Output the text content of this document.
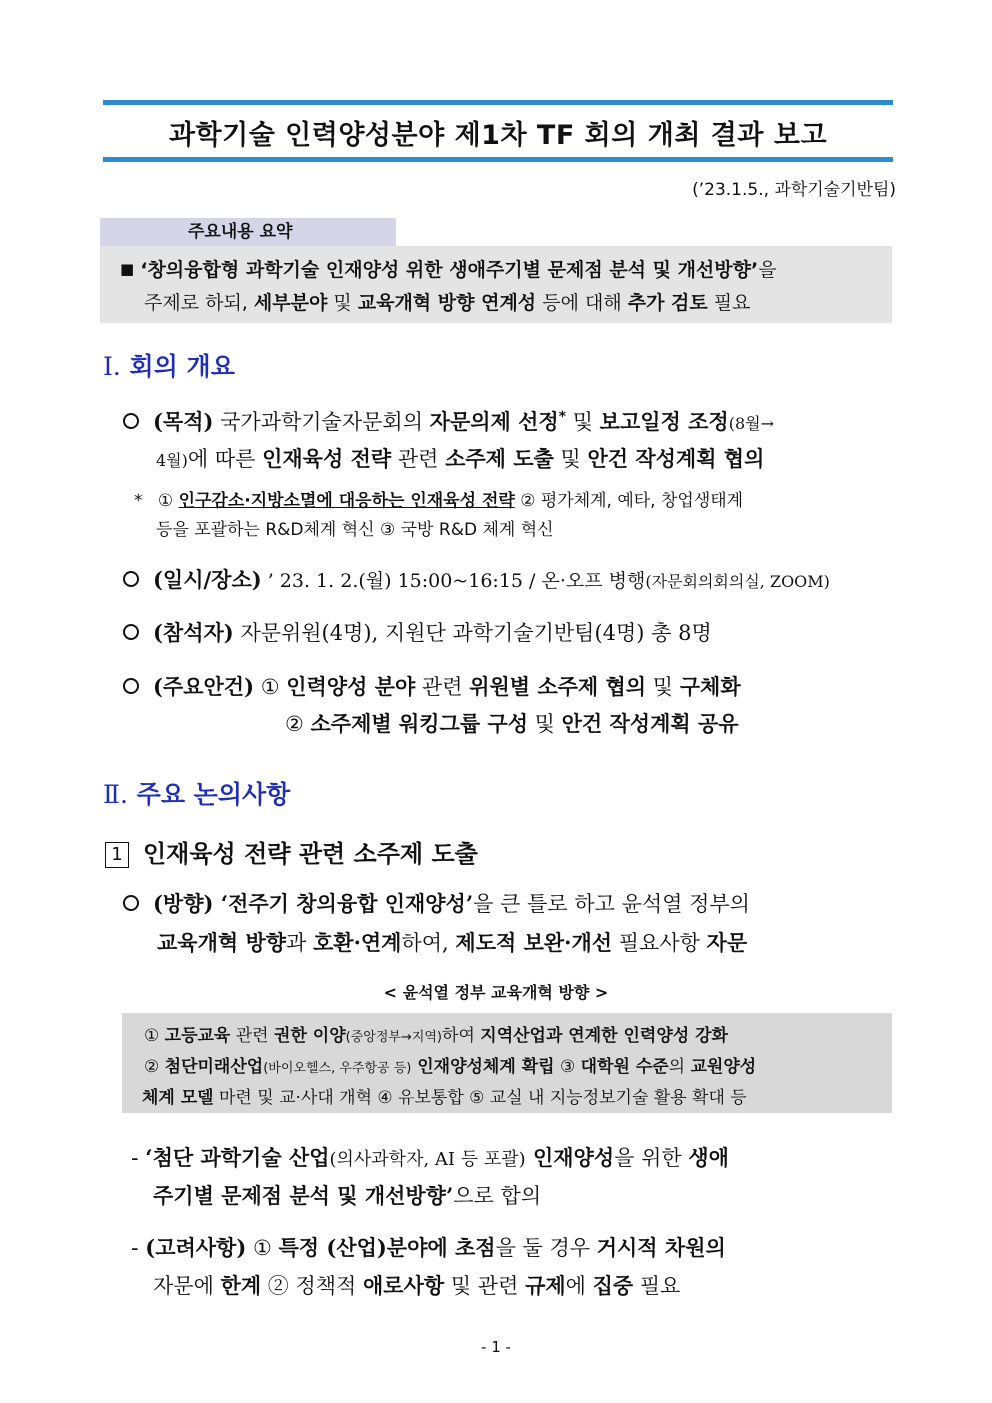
과학기술 인력양성분야 제1차 TF 회의 개최 결과 보고
(’23.1.5., 과학기술기반팀)
주요내용 요약
■ ‘창의융합형 과학기술 인재양성 위한 생애주기별 문제점 분석 및 개선방향’을
주제로 하되, 세부분야 및 교육개혁 방향 연계성 등에 대해 추가 검토 필요
Ⅰ. 회의 개요
(목적) 국가과학기술자문회의 자문의제 선정* 및 보고일정 조정(8월→
4월)에 따른 인재육성 전략 관련 소주제 도출 및 안건 작성계획 협의
* ① 인구감소·지방소멸에 대응하는 인재육성 전략 ② 평가체계, 예타, 창업생태계
등을 포괄하는 R&D체계 혁신 ③ 국방 R&D 체계 혁신
(일시/장소) ’ 23. 1. 2.(월) 15:00~16:15 / 온·오프 병행(자문회의회의실, ZOOM)
(참석자) 자문위원(4명), 지원단 과학기술기반팀(4명) 총 8명
(주요안건) ① 인력양성 분야 관련 위원별 소주제 협의 및 구체화
② 소주제별 워킹그룹 구성 및 안건 작성계획 공유
Ⅱ. 주요 논의사항
1 인재육성 전략 관련 소주제 도출
(방향) ‘전주기 창의융합 인재양성’을 큰 틀로 하고 윤석열 정부의
교육개혁 방향과 호환·연계하여, 제도적 보완·개선 필요사항 자문
< 윤석열 정부 교육개혁 방향 >
① 고등교육 관련 권한 이양(중앙정부→지역)하여 지역산업과 연계한 인력양성 강화
② 첨단미래산업(바이오헬스, 우주항공 등) 인재양성체계 확립 ③ 대학원 수준의 교원양성
체계 모델 마련 및 교·사대 개혁 ④ 유보통합 ⑤ 교실 내 지능정보기술 활용 확대 등
- ‘첨단 과학기술 산업(의사과학자, AI 등 포괄) 인재양성을 위한 생애
주기별 문제점 분석 및 개선방향’으로 합의
- (고려사항) ① 특정 (산업)분야에 초점을 둘 경우 거시적 차원의
자문에 한계 ② 정책적 애로사항 및 관련 규제에 집중 필요
- 1 -
